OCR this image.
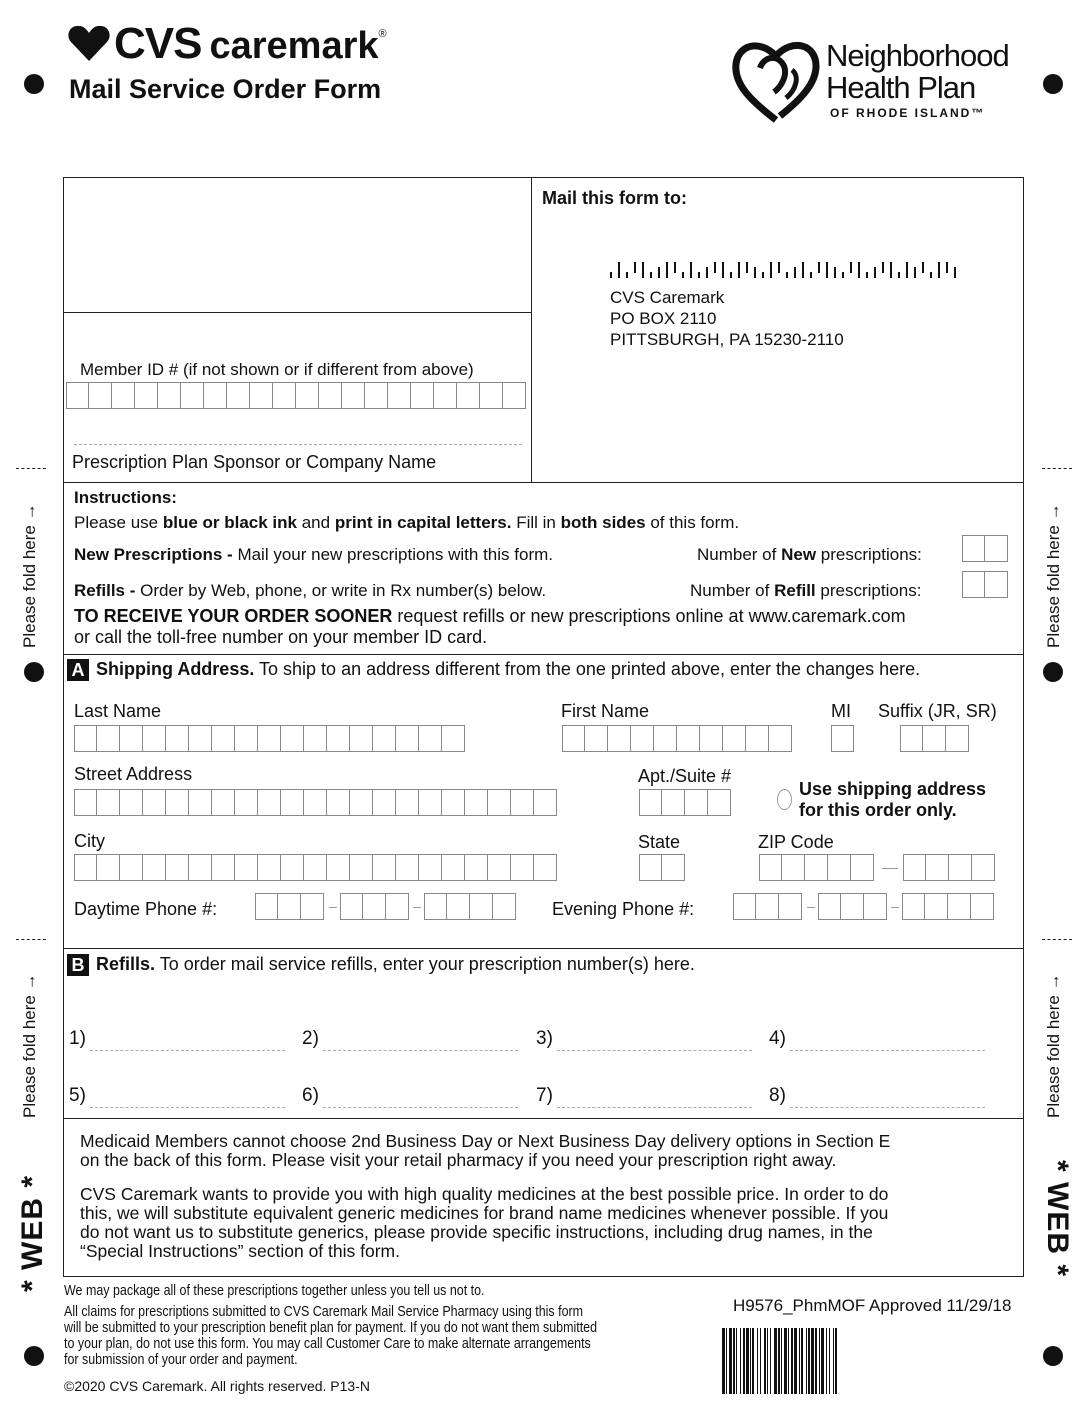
CVS caremark ®
Mail Service Order Form
Neighborhood
Health Plan
OF RHODE ISLAND™
Mail this form to:
CVS Caremark
PO BOX 2110
PITTSBURGH, PA 15230-2110
Member ID # (if not shown or if different from above)
Prescription Plan Sponsor or Company Name
Instructions:
Please use blue or black ink and print in capital letters. Fill in both sides of this form.
New Prescriptions - Mail your new prescriptions with this form.	Number of New prescriptions:
Refills - Order by Web, phone, or write in Rx number(s) below.	Number of Refill prescriptions:
TO RECEIVE YOUR ORDER SOONER request refills or new prescriptions online at www.caremark.com
or call the toll-free number on your member ID card.
A Shipping Address. To ship to an address different from the one printed above, enter the changes here.
Last Name	First Name	MI Suffix (JR, SR)
Street Address	Apt./Suite #
Use shipping address
for this order only.
City	State	ZIP Code
Daytime Phone #:	Evening Phone #:
B Refills. To order mail service refills, enter your prescription number(s) here.
1)	2)	3)	4)
5)	6)	7)	8)
Medicaid Members cannot choose 2nd Business Day or Next Business Day delivery options in Section E
on the back of this form. Please visit your retail pharmacy if you need your prescription right away.
CVS Caremark wants to provide you with high quality medicines at the best possible price. In order to do
this, we will substitute equivalent generic medicines for brand name medicines whenever possible. If you
do not want us to substitute generics, please provide specific instructions, including drug names, in the
“Special Instructions” section of this form.
We may package all of these prescriptions together unless you tell us not to.
All claims for prescriptions submitted to CVS Caremark Mail Service Pharmacy using this form
will be submitted to your prescription benefit plan for payment. If you do not want them submitted
to your plan, do not use this form. You may call Customer Care to make alternate arrangements
for submission of your order and payment.
©2020 CVS Caremark. All rights reserved. P13-N
H9576_PhmMOF Approved 11/29/18
Please fold here →
Please fold here →
* WEB *
Please fold here →
Please fold here →
* WEB *
